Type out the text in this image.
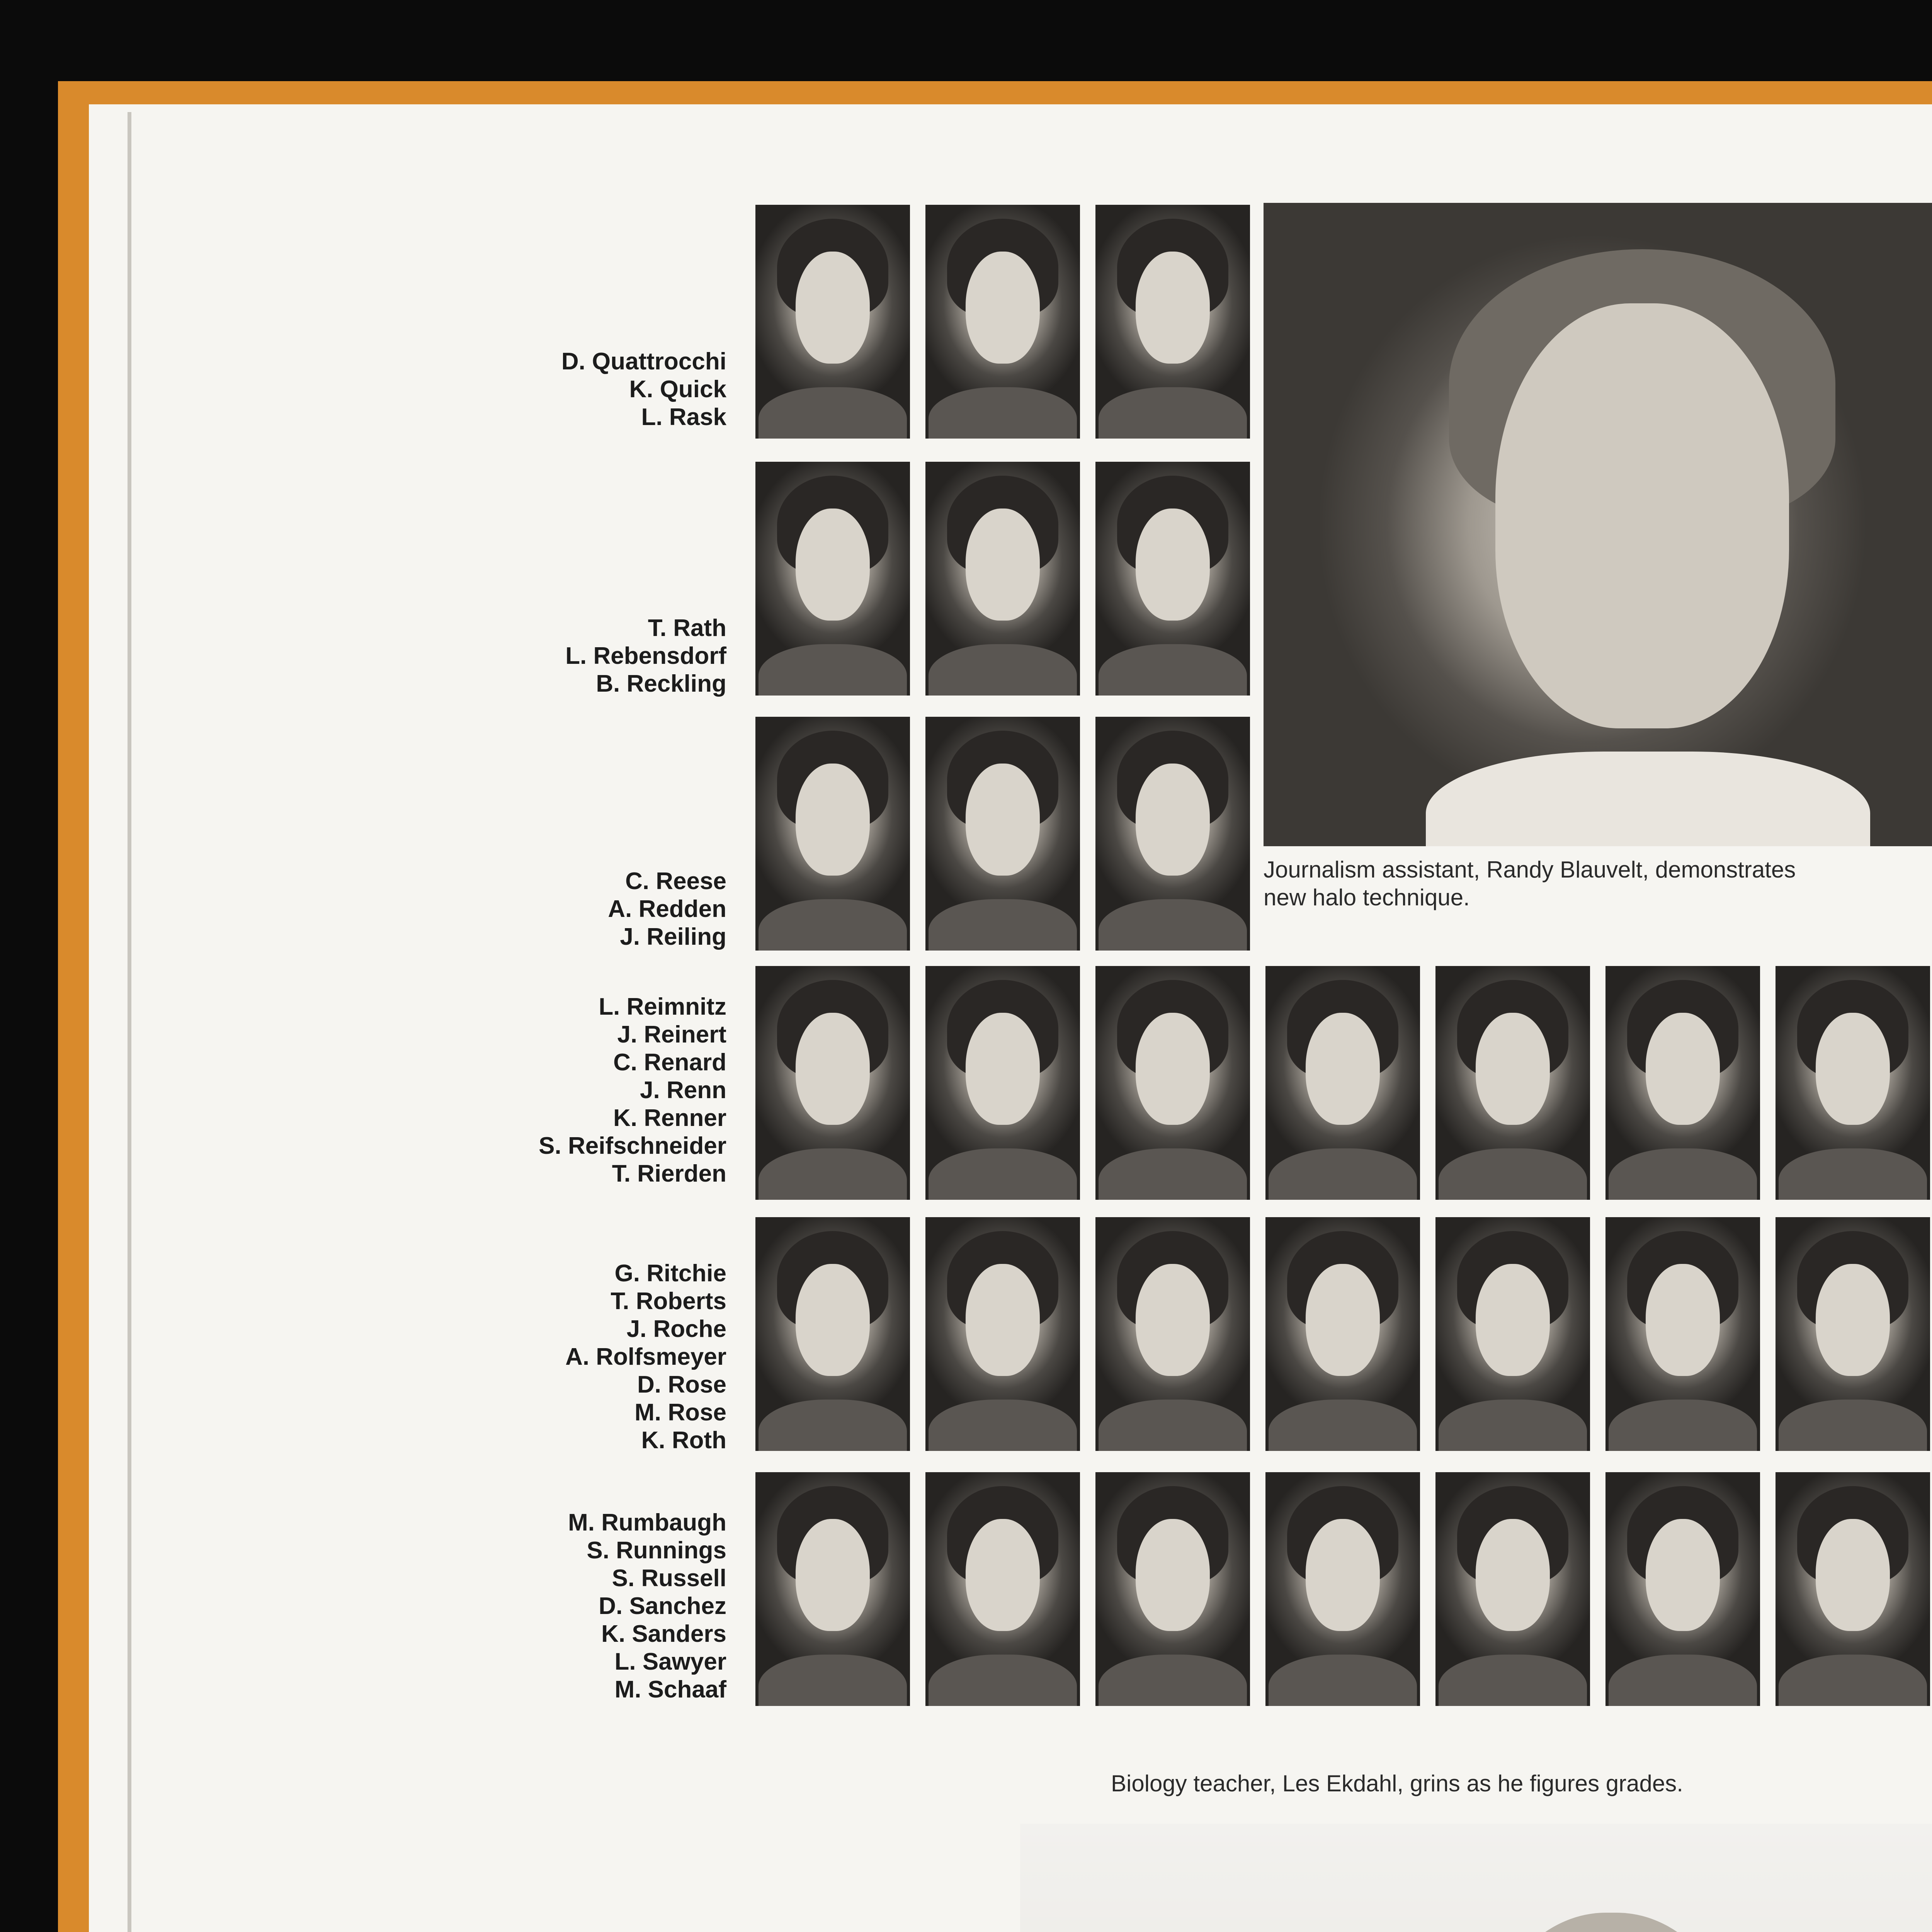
D. Quattrocchi
K. Quick
L. Rask
T. Rath
L. Rebensdorf
B. Reckling
C. Reese
A. Redden
J. Reiling
Journalism assistant, Randy Blauvelt, demonstrates
new halo technique.
L. Reimnitz
J. Reinert
C. Renard
J. Renn
K. Renner
S. Reifschneider
T. Rierden
G. Ritchie
T. Roberts
J. Roche
A. Rolfsmeyer
D. Rose
M. Rose
K. Roth
M. Rumbaugh
S. Runnings
S. Russell
D. Sanchez
K. Sanders
L. Sawyer
M. Schaaf
Biology teacher, Les Ekdahl, grins as he figures grades.
